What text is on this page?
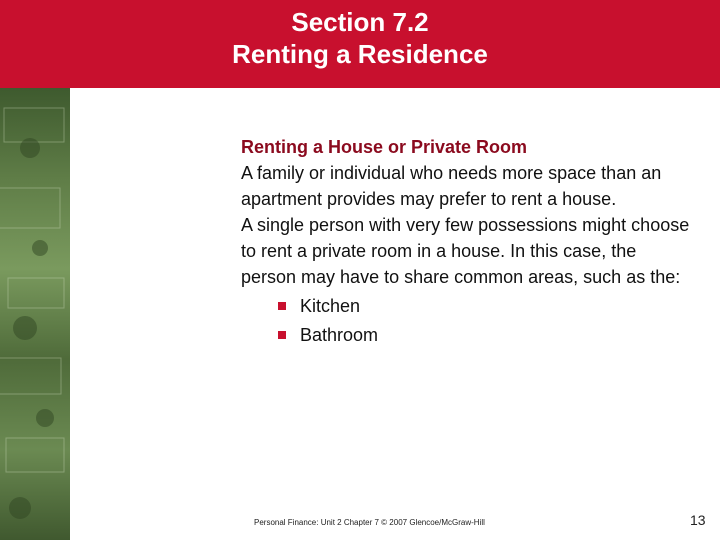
Section 7.2
Renting a Residence
Renting a House or Private Room

A family or individual who needs more space than an apartment provides may prefer to rent a house.

A single person with very few possessions might choose to rent a private room in a house. In this case, the person may have to share common areas, such as the:

Kitchen
Bathroom
Personal Finance: Unit 2 Chapter 7 © 2007 Glencoe/McGraw-Hill	13
